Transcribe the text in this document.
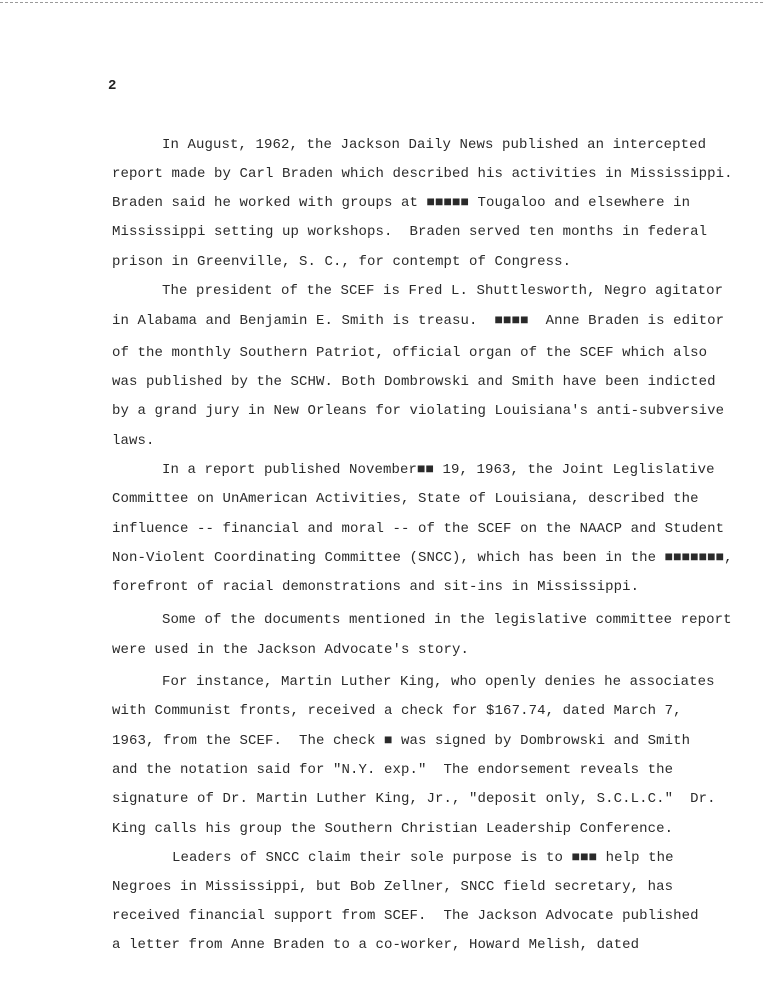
2
In August, 1962, the Jackson Daily News published an intercepted
report made by Carl Braden which described his activities in Mississippi.
Braden said he worked with groups at ■■■■■ Tougaloo and elsewhere in
Mississippi setting up workshops.  Braden served ten months in federal
prison in Greenville, S. C., for contempt of Congress.
The president of the SCEF is Fred L. Shuttlesworth, Negro agitator
in Alabama and Benjamin E. Smith is treasu.  ■■■■  Anne Braden is editor
of the monthly Southern Patriot, official organ of the SCEF which also
was published by the SCHW. Both Dombrowski and Smith have been indicted
by a grand jury in New Orleans for violating Louisiana's anti-subversive
laws.
In a report published November■■ 19, 1963, the Joint Leglislative
Committee on UnAmerican Activities, State of Louisiana, described the
influence -- financial and moral -- of the SCEF on the NAACP and Student
Non-Violent Coordinating Committee (SNCC), which has been in the ■■■■■■■,
forefront of racial demonstrations and sit-ins in Mississippi.
Some of the documents mentioned in the legislative committee report
were used in the Jackson Advocate's story.
For instance, Martin Luther King, who openly denies he associates
with Communist fronts, received a check for $167.74, dated March 7,
1963, from the SCEF.  The check ■ was signed by Dombrowski and Smith
and the notation said for "N.Y. exp."  The endorsement reveals the
signature of Dr. Martin Luther King, Jr., "deposit only, S.C.L.C."  Dr.
King calls his group the Southern Christian Leadership Conference.
Leaders of SNCC claim their sole purpose is to ■■■ help the
Negroes in Mississippi, but Bob Zellner, SNCC field secretary, has
received financial support from SCEF.  The Jackson Advocate published
a letter from Anne Braden to a co-worker, Howard Melish, dated
